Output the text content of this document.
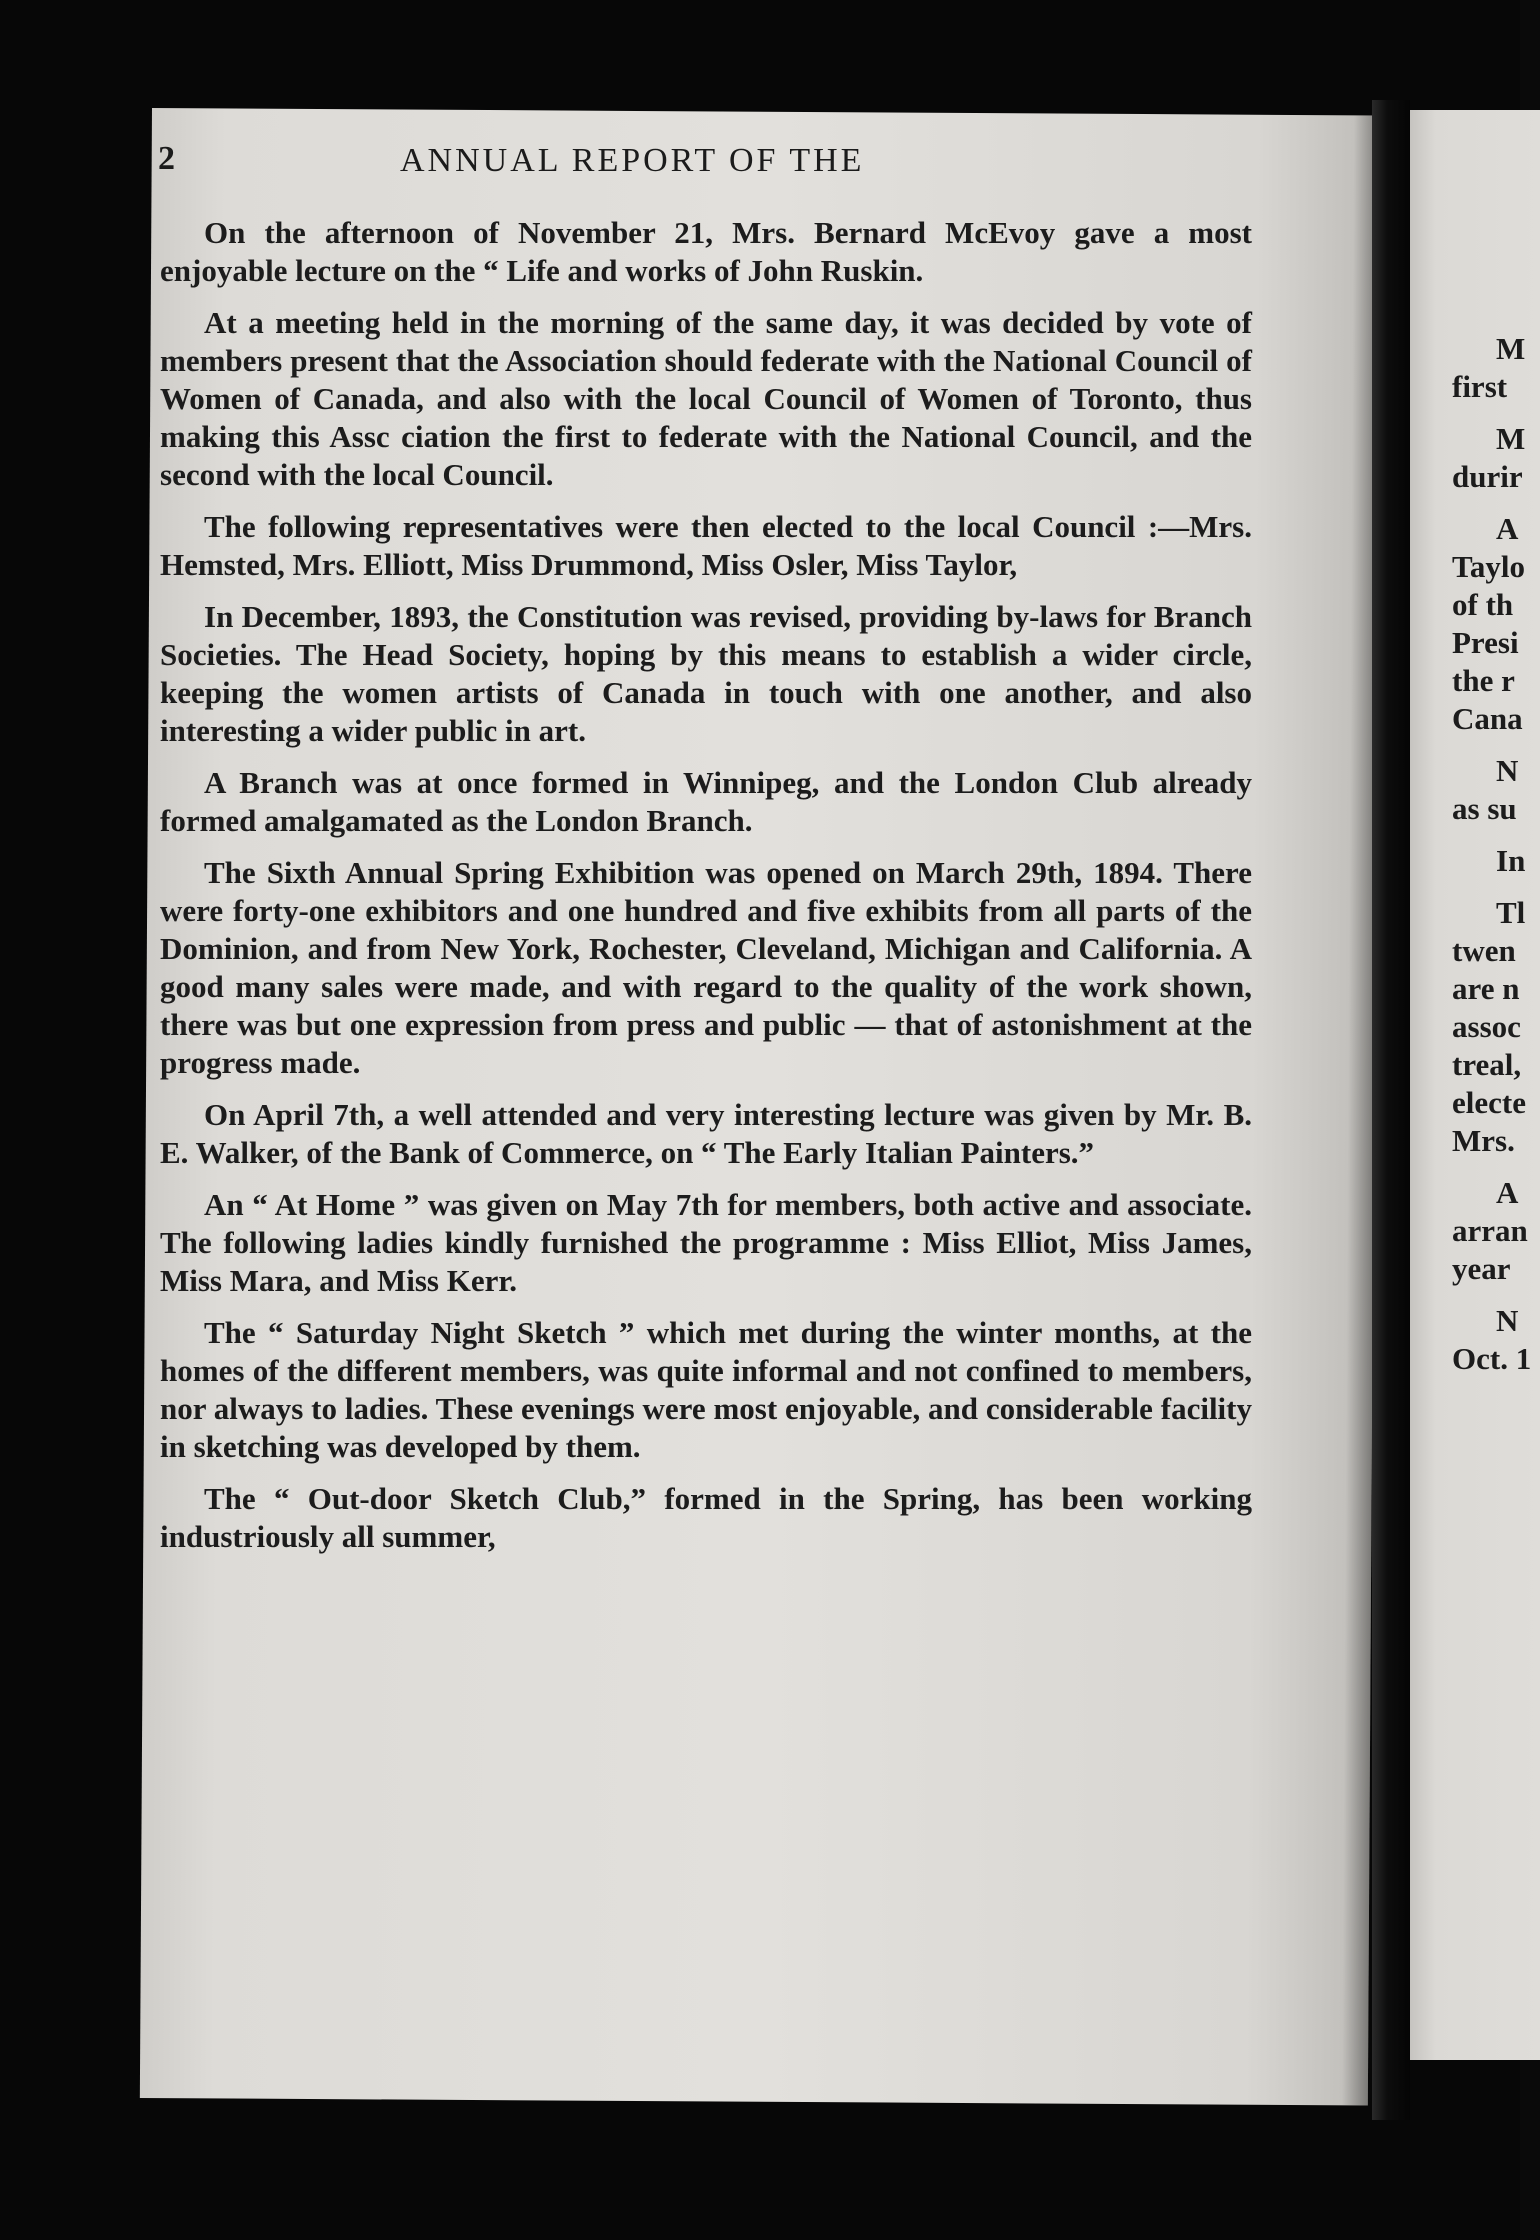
2	ANNUAL REPORT OF THE

On the afternoon of November 21, Mrs. Bernard McEvoy gave a most enjoyable lecture on the “ Life and works of John Ruskin.

At a meeting held in the morning of the same day, it was decided by vote of members present that the Association should federate with the National Council of Women of Canada, and also with the local Council of Women of Toronto, thus making this Assc ciation the first to federate with the National Council, and the second with the local Council.

The following representatives were then elected to the local Council :—Mrs. Hemsted, Mrs. Elliott, Miss Drummond, Miss Osler, Miss Taylor,

In December, 1893, the Constitution was revised, providing by-laws for Branch Societies. The Head Society, hoping by this means to establish a wider circle, keeping the women artists of Canada in touch with one another, and also interesting a wider public in art.

A Branch was at once formed in Winnipeg, and the London Club already formed amalgamated as the London Branch.

The Sixth Annual Spring Exhibition was opened on March 29th, 1894. There were forty-one exhibitors and one hundred and five exhibits from all parts of the Dominion, and from New York, Rochester, Cleveland, Michigan and California. A good many sales were made, and with regard to the quality of the work shown, there was but one expression from press and public — that of astonishment at the progress made.

On April 7th, a well attended and very interesting lecture was given by Mr. B. E. Walker, of the Bank of Commerce, on “ The Early Italian Painters.”

An “ At Home ” was given on May 7th for members, both active and associate. The following ladies kindly furnished the programme : Miss Elliot, Miss James, Miss Mara, and Miss Kerr.

The “ Saturday Night Sketch ” which met during the winter months, at the homes of the different members, was quite informal and not confined to members, nor always to ladies. These evenings were most enjoyable, and considerable facility in sketching was developed by them.

The “ Out-door Sketch Club,” formed in the Spring, has been working industriously all summer,

M
first
M
durir
A
Taylo
of th
Presi
the r
Cana
N
as su
In
Tl
twen
are n
assoc
treal,
electe
Mrs.
A
arran
year
N
Oct. 1
